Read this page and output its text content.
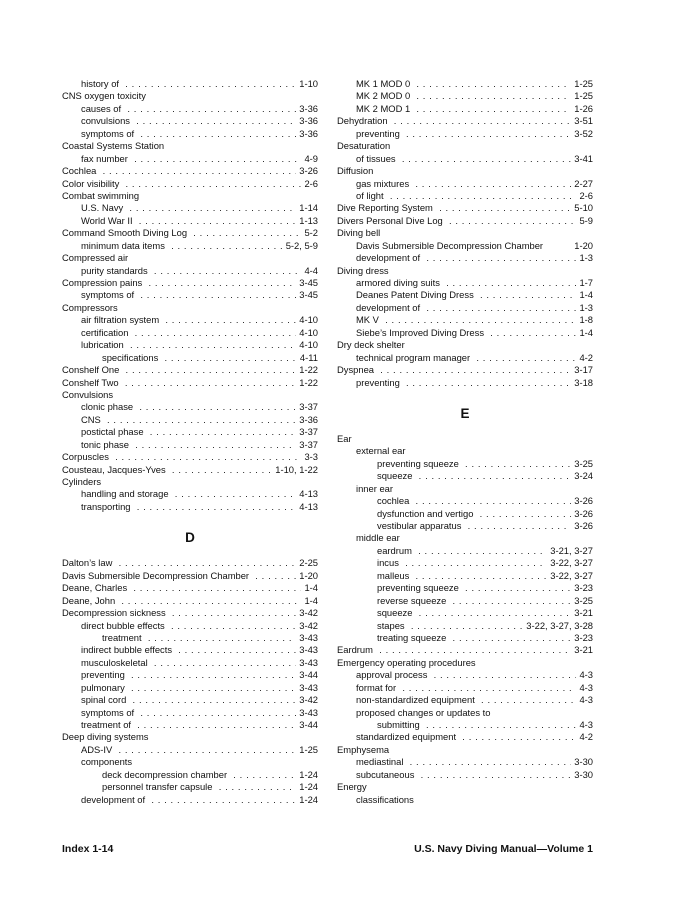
history of	1-10
. . .
CNS oxygen toxicity
causes of	3-36
. . .
convulsions	3-36
. . .
symptoms of	3-36
. . .
Coastal Systems Station
fax number	4-9
. . .
Cochlea	3-26
. . .
Color visibility	2-6
. . .
Combat swimming
U.S. Navy	1-14
. . .
World War II	1-13
. . .
Command Smooth Diving Log	5-2
. . .
minimum data items	5-2, 5-9
. . .
Compressed air
purity standards	4-4
. . .
Compression pains	3-45
. . .
symptoms of	3-45
. . .
Compressors
air filtration system	4-10
. . .
certification	4-10
. . .
lubrication	4-10
. . .
specifications	4-11
. . .
Conshelf One	1-22
. . .
Conshelf Two	1-22
. . .
Convulsions
clonic phase	3-37
. . .
CNS	3-36
. . .
postictal phase	3-37
. . .
tonic phase	3-37
. . .
Corpuscles	3-3
. . .
Cousteau, Jacques-Yves	1-10, 1-22
. . .
Cylinders
handling and storage	4-13
. . .
transporting	4-13
. . .
D
Dalton’s law	2-25
. . .
Davis Submersible Decompression Chamber	1-20
. . .
Deane, Charles	1-4
. . .
Deane, John	1-4
. . .
Decompression sickness	3-42
. . .
direct bubble effects	3-42
. . .
treatment	3-43
. . .
indirect bubble effects	3-43
. . .
musculoskeletal	3-43
. . .
preventing	3-44
. . .
pulmonary	3-43
. . .
spinal cord	3-42
. . .
symptoms of	3-43
. . .
treatment of	3-44
. . .
Deep diving systems
ADS-IV	1-25
. . .
components
deck decompression chamber	1-24
. . .
personnel transfer capsule	1-24
. . .
development of	1-24
. . .
MK 1 MOD 0	1-25
. . .
MK 2 MOD 0	1-25
. . .
MK 2 MOD 1	1-26
. . .
Dehydration	3-51
. . .
preventing	3-52
. . .
Desaturation
of tissues	3-41
. . .
Diffusion
gas mixtures	2-27
. . .
of light	2-6
. . .
Dive Reporting System	5-10
. . .
Divers Personal Dive Log	5-9
. . .
Diving bell
Davis Submersible Decompression Chamber	1-20
development of	1-3
. . .
Diving dress
armored diving suits	1-7
. . .
Deanes Patent Diving Dress	1-4
. . .
development of	1-3
. . .
MK V	1-8
. . .
Siebe’s Improved Diving Dress	1-4
. . .
Dry deck shelter
technical program manager	4-2
. . .
Dyspnea	3-17
. . .
preventing	3-18
. . .
E
Ear
external ear
preventing squeeze	3-25
. . .
squeeze	3-24
. . .
inner ear
cochlea	3-26
. . .
dysfunction and vertigo	3-26
. . .
vestibular apparatus	3-26
. . .
middle ear
eardrum	3-21, 3-27
. . .
incus	3-22, 3-27
. . .
malleus	3-22, 3-27
. . .
preventing squeeze	3-23
. . .
reverse squeeze	3-25
. . .
squeeze	3-21
. . .
stapes	3-22, 3-27, 3-28
. . .
treating squeeze	3-23
. . .
Eardrum	3-21
. . .
Emergency operating procedures
approval process	4-3
. . .
format for	4-3
. . .
non-standardized equipment	4-3
. . .
proposed changes or updates to
submitting	4-3
. . .
standardized equipment	4-2
. . .
Emphysema
mediastinal	3-30
. . .
subcutaneous	3-30
. . .
Energy
classifications
Index 1-14	U.S. Navy Diving Manual—Volume 1
